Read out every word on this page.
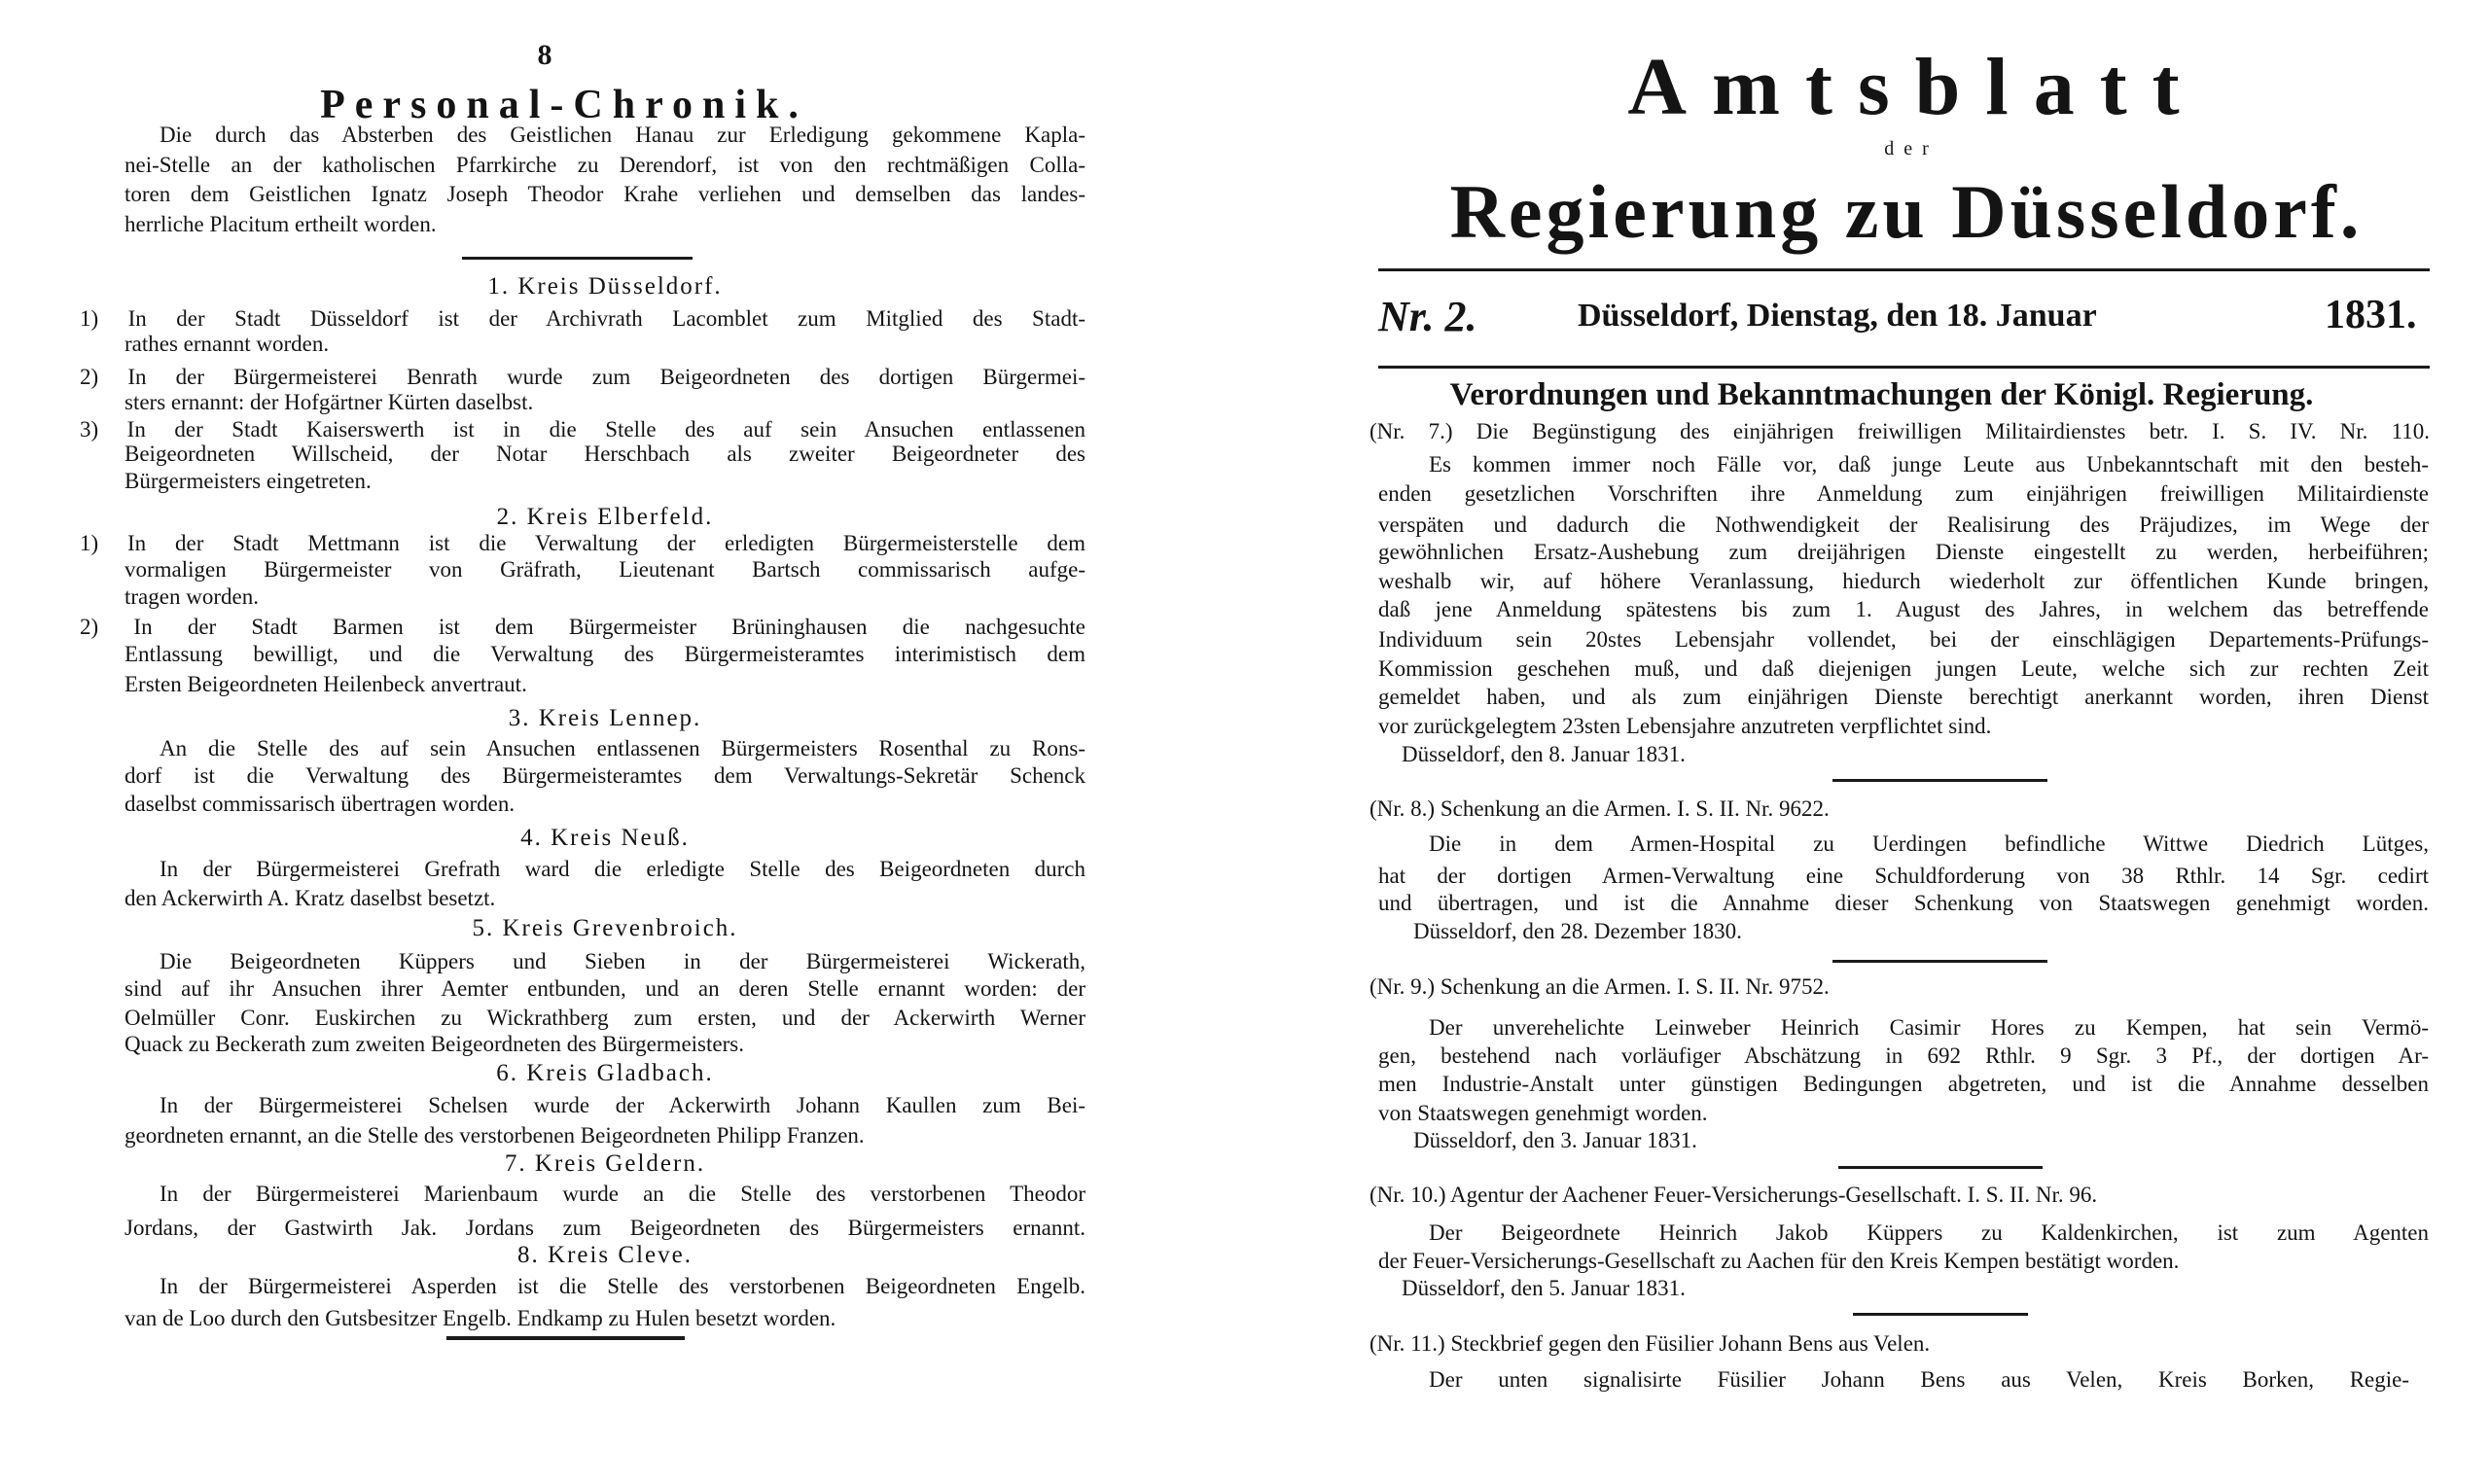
8
Personal-Chronik.
Die durch das Absterben des Geistlichen Hanau zur Erledigung gekommene Kapla-
nei-Stelle an der katholischen Pfarrkirche zu Derendorf, ist von den rechtmäßigen Colla-
toren dem Geistlichen Ignatz Joseph Theodor Krahe verliehen und demselben das landes-
herrliche Placitum ertheilt worden.
1. Kreis Düsseldorf.
1) In der Stadt Düsseldorf ist der Archivrath Lacomblet zum Mitglied des Stadt-
rathes ernannt worden.
2) In der Bürgermeisterei Benrath wurde zum Beigeordneten des dortigen Bürgermei-
sters ernannt: der Hofgärtner Kürten daselbst.
3) In der Stadt Kaiserswerth ist in die Stelle des auf sein Ansuchen entlassenen
Beigeordneten Willscheid, der Notar Herschbach als zweiter Beigeordneter des
Bürgermeisters eingetreten.
2. Kreis Elberfeld.
1) In der Stadt Mettmann ist die Verwaltung der erledigten Bürgermeisterstelle dem
vormaligen Bürgermeister von Gräfrath, Lieutenant Bartsch commissarisch aufge-
tragen worden.
2) In der Stadt Barmen ist dem Bürgermeister Brüninghausen die nachgesuchte
Entlassung bewilligt, und die Verwaltung des Bürgermeisteramtes interimistisch dem
Ersten Beigeordneten Heilenbeck anvertraut.
3. Kreis Lennep.
An die Stelle des auf sein Ansuchen entlassenen Bürgermeisters Rosenthal zu Rons-
dorf ist die Verwaltung des Bürgermeisteramtes dem Verwaltungs-Sekretär Schenck
daselbst commissarisch übertragen worden.
4. Kreis Neuß.
In der Bürgermeisterei Grefrath ward die erledigte Stelle des Beigeordneten durch
den Ackerwirth A. Kratz daselbst besetzt.
5. Kreis Grevenbroich.
Die Beigeordneten Küppers und Sieben in der Bürgermeisterei Wickerath,
sind auf ihr Ansuchen ihrer Aemter entbunden, und an deren Stelle ernannt worden: der
Oelmüller Conr. Euskirchen zu Wickrathberg zum ersten, und der Ackerwirth Werner
Quack zu Beckerath zum zweiten Beigeordneten des Bürgermeisters.
6. Kreis Gladbach.
In der Bürgermeisterei Schelsen wurde der Ackerwirth Johann Kaullen zum Bei-
geordneten ernannt, an die Stelle des verstorbenen Beigeordneten Philipp Franzen.
7. Kreis Geldern.
In der Bürgermeisterei Marienbaum wurde an die Stelle des verstorbenen Theodor
Jordans, der Gastwirth Jak. Jordans zum Beigeordneten des Bürgermeisters ernannt.
8. Kreis Cleve.
In der Bürgermeisterei Asperden ist die Stelle des verstorbenen Beigeordneten Engelb.
van de Loo durch den Gutsbesitzer Engelb. Endkamp zu Hulen besetzt worden.
Amtsblatt
der
Regierung zu Düsseldorf.
Nr. 2.	Düsseldorf, Dienstag, den 18. Januar	1831.
Verordnungen und Bekanntmachungen der Königl. Regierung.
(Nr. 7.) Die Begünstigung des einjährigen freiwilligen Militairdienstes betr. I. S. IV. Nr. 110.
Es kommen immer noch Fälle vor, daß junge Leute aus Unbekanntschaft mit den besteh-
enden gesetzlichen Vorschriften ihre Anmeldung zum einjährigen freiwilligen Militairdienste
verspäten und dadurch die Nothwendigkeit der Realisirung des Präjudizes, im Wege der
gewöhnlichen Ersatz-Aushebung zum dreijährigen Dienste eingestellt zu werden, herbeiführen;
weshalb wir, auf höhere Veranlassung, hiedurch wiederholt zur öffentlichen Kunde bringen,
daß jene Anmeldung spätestens bis zum 1. August des Jahres, in welchem das betreffende
Individuum sein 20stes Lebensjahr vollendet, bei der einschlägigen Departements-Prüfungs-
Kommission geschehen muß, und daß diejenigen jungen Leute, welche sich zur rechten Zeit
gemeldet haben, und als zum einjährigen Dienste berechtigt anerkannt worden, ihren Dienst
vor zurückgelegtem 23sten Lebensjahre anzutreten verpflichtet sind.
Düsseldorf, den 8. Januar 1831.
(Nr. 8.) Schenkung an die Armen. I. S. II. Nr. 9622.
Die in dem Armen-Hospital zu Uerdingen befindliche Wittwe Diedrich Lütges,
hat der dortigen Armen-Verwaltung eine Schuldforderung von 38 Rthlr. 14 Sgr. cedirt
und übertragen, und ist die Annahme dieser Schenkung von Staatswegen genehmigt worden.
Düsseldorf, den 28. Dezember 1830.
(Nr. 9.) Schenkung an die Armen. I. S. II. Nr. 9752.
Der unverehelichte Leinweber Heinrich Casimir Hores zu Kempen, hat sein Vermö-
gen, bestehend nach vorläufiger Abschätzung in 692 Rthlr. 9 Sgr. 3 Pf., der dortigen Ar-
men Industrie-Anstalt unter günstigen Bedingungen abgetreten, und ist die Annahme desselben
von Staatswegen genehmigt worden.
Düsseldorf, den 3. Januar 1831.
(Nr. 10.) Agentur der Aachener Feuer-Versicherungs-Gesellschaft. I. S. II. Nr. 96.
Der Beigeordnete Heinrich Jakob Küppers zu Kaldenkirchen, ist zum Agenten
der Feuer-Versicherungs-Gesellschaft zu Aachen für den Kreis Kempen bestätigt worden.
Düsseldorf, den 5. Januar 1831.
(Nr. 11.) Steckbrief gegen den Füsilier Johann Bens aus Velen.
Der unten signalisirte Füsilier Johann Bens aus Velen, Kreis Borken, Regie-
